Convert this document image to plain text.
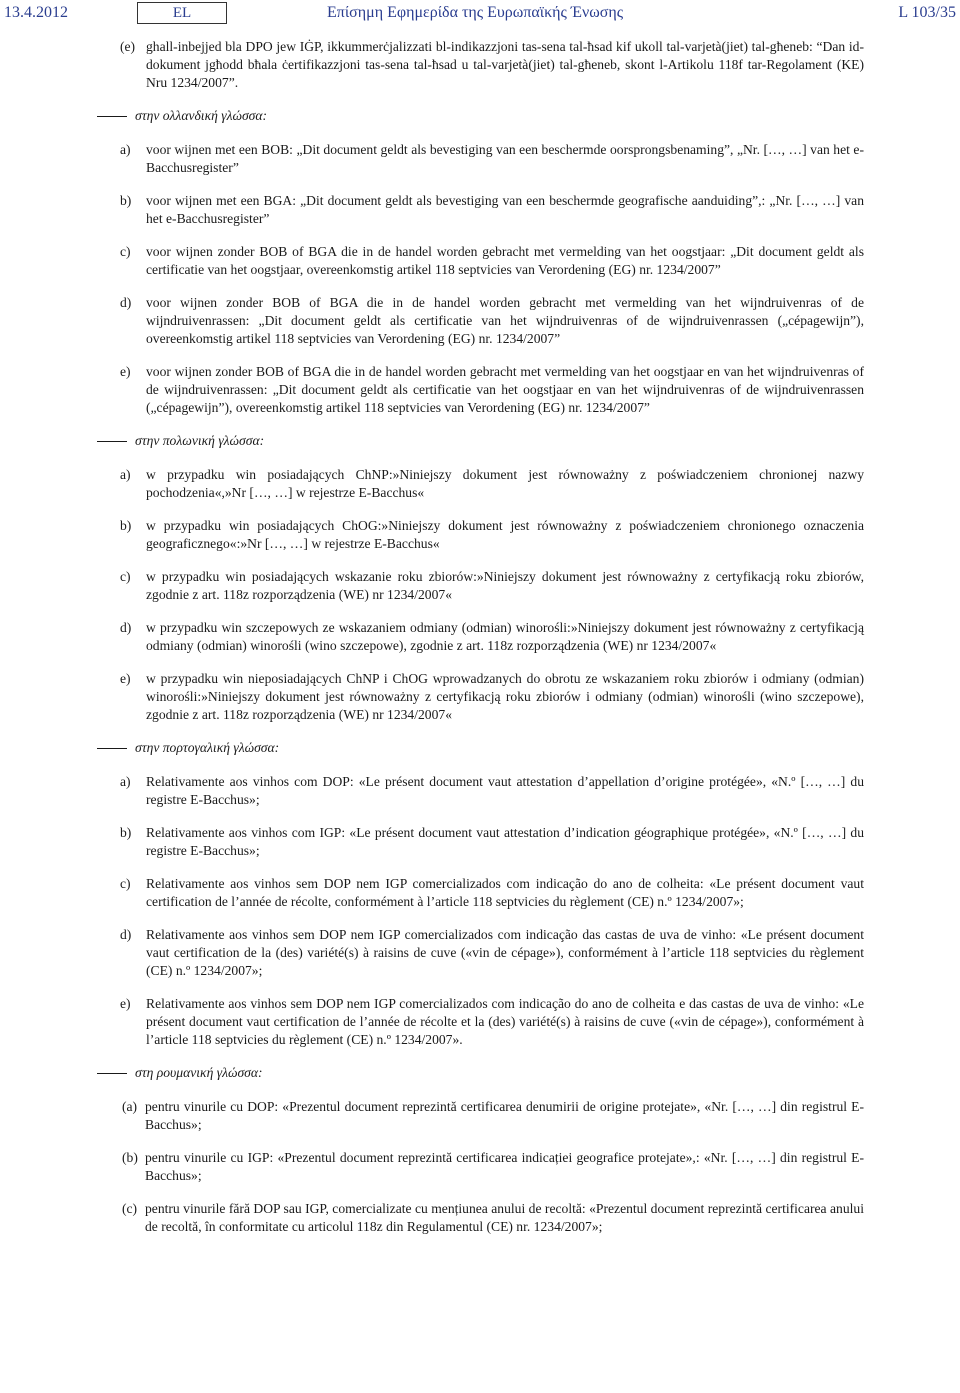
13.4.2012	EL	Επίσημη Εφημερίδα της Ευρωπαϊκής Ένωσης	L 103/35
(e) ghall-inbejjed bla DPO jew IĠP, ikkummerċjalizzati bl-indikazzjoni tas-sena tal-ħsad kif ukoll tal-varjetà(jiet) tal-għeneb: “Dan id-dokument jgħodd bħala ċertifikazzjoni tas-sena tal-ħsad u tal-varjetà(jiet) tal-għeneb, skont l-Artikolu 118f tar-Regolament (KE) Nru 1234/2007”.
στην ολλανδική γλώσσα:
a) voor wijnen met een BOB: „Dit document geldt als bevestiging van een beschermde oorsprongsbenaming”, „Nr. […, …] van het e-Bacchusregister”
b) voor wijnen met een BGA: „Dit document geldt als bevestiging van een beschermde geografische aanduiding”,: „Nr. […, …] van het e-Bacchusregister”
c) voor wijnen zonder BOB of BGA die in de handel worden gebracht met vermelding van het oogstjaar: „Dit document geldt als certificatie van het oogstjaar, overeenkomstig artikel 118 septvicies van Verordening (EG) nr. 1234/2007”
d) voor wijnen zonder BOB of BGA die in de handel worden gebracht met vermelding van het wijndruivenras of de wijndruivenrassen: „Dit document geldt als certificatie van het wijndruivenras of de wijndruivenrassen („cépagewijn”), overeenkomstig artikel 118 septvicies van Verordening (EG) nr. 1234/2007”
e) voor wijnen zonder BOB of BGA die in de handel worden gebracht met vermelding van het oogstjaar en van het wijndruivenras of de wijndruivenrassen: „Dit document geldt als certificatie van het oogstjaar en van het wijndruivenras of de wijndruivenrassen („cépagewijn”), overeenkomstig artikel 118 septvicies van Verordening (EG) nr. 1234/2007”
στην πολωνική γλώσσα:
a) w przypadku win posiadających ChNP:»Niniejszy dokument jest równoważny z poświadczeniem chronionej nazwy pochodzenia«,»Nr […, …] w rejestrze E-Bacchus«
b) w przypadku win posiadających ChOG:»Niniejszy dokument jest równoważny z poświadczeniem chronionego oznaczenia geograficznego«:»Nr […, …] w rejestrze E-Bacchus«
c) w przypadku win posiadających wskazanie roku zbiorów:»Niniejszy dokument jest równoważny z certyfikacją roku zbiorów, zgodnie z art. 118z rozporządzenia (WE) nr 1234/2007«
d) w przypadku win szczepowych ze wskazaniem odmiany (odmian) winorośli:»Niniejszy dokument jest równoważny z certyfikacją odmiany (odmian) winorośli (wino szczepowe), zgodnie z art. 118z rozporządzenia (WE) nr 1234/2007«
e) w przypadku win nieposiadających ChNP i ChOG wprowadzanych do obrotu ze wskazaniem roku zbiorów i odmiany (odmian) winorośli:»Niniejszy dokument jest równoważny z certyfikacją roku zbiorów i odmiany (odmian) winorośli (wino szczepowe), zgodnie z art. 118z rozporządzenia (WE) nr 1234/2007«
στην πορτογαλική γλώσσα:
a) Relativamente aos vinhos com DOP: «Le présent document vaut attestation d’appellation d’origine protégée», «N.º […, …] du registre E-Bacchus»;
b) Relativamente aos vinhos com IGP: «Le présent document vaut attestation d’indication géographique protégée», «N.º […, …] du registre E-Bacchus»;
c) Relativamente aos vinhos sem DOP nem IGP comercializados com indicação do ano de colheita: «Le présent document vaut certification de l’année de récolte, conformément à l’article 118 septvicies du règlement (CE) n.º 1234/2007»;
d) Relativamente aos vinhos sem DOP nem IGP comercializados com indicação das castas de uva de vinho: «Le présent document vaut certification de la (des) variété(s) à raisins de cuve («vin de cépage»), conformément à l’article 118 septvicies du règlement (CE) n.º 1234/2007»;
e) Relativamente aos vinhos sem DOP nem IGP comercializados com indicação do ano de colheita e das castas de uva de vinho: «Le présent document vaut certification de l’année de récolte et la (des) variété(s) à raisins de cuve («vin de cépage»), conformément à l’article 118 septvicies du règlement (CE) n.º 1234/2007».
στη ρουμανική γλώσσα:
(a) pentru vinurile cu DOP: «Prezentul document reprezintă certificarea denumirii de origine protejate», «Nr. […, …] din registrul E-Bacchus»;
(b) pentru vinurile cu IGP: «Prezentul document reprezintă certificarea indicației geografice protejate»,: «Nr. […, …] din registrul E-Bacchus»;
(c) pentru vinurile fără DOP sau IGP, comercializate cu mențiunea anului de recoltă: «Prezentul document reprezintă certificarea anului de recoltă, în conformitate cu articolul 118z din Regulamentul (CE) nr. 1234/2007»;
